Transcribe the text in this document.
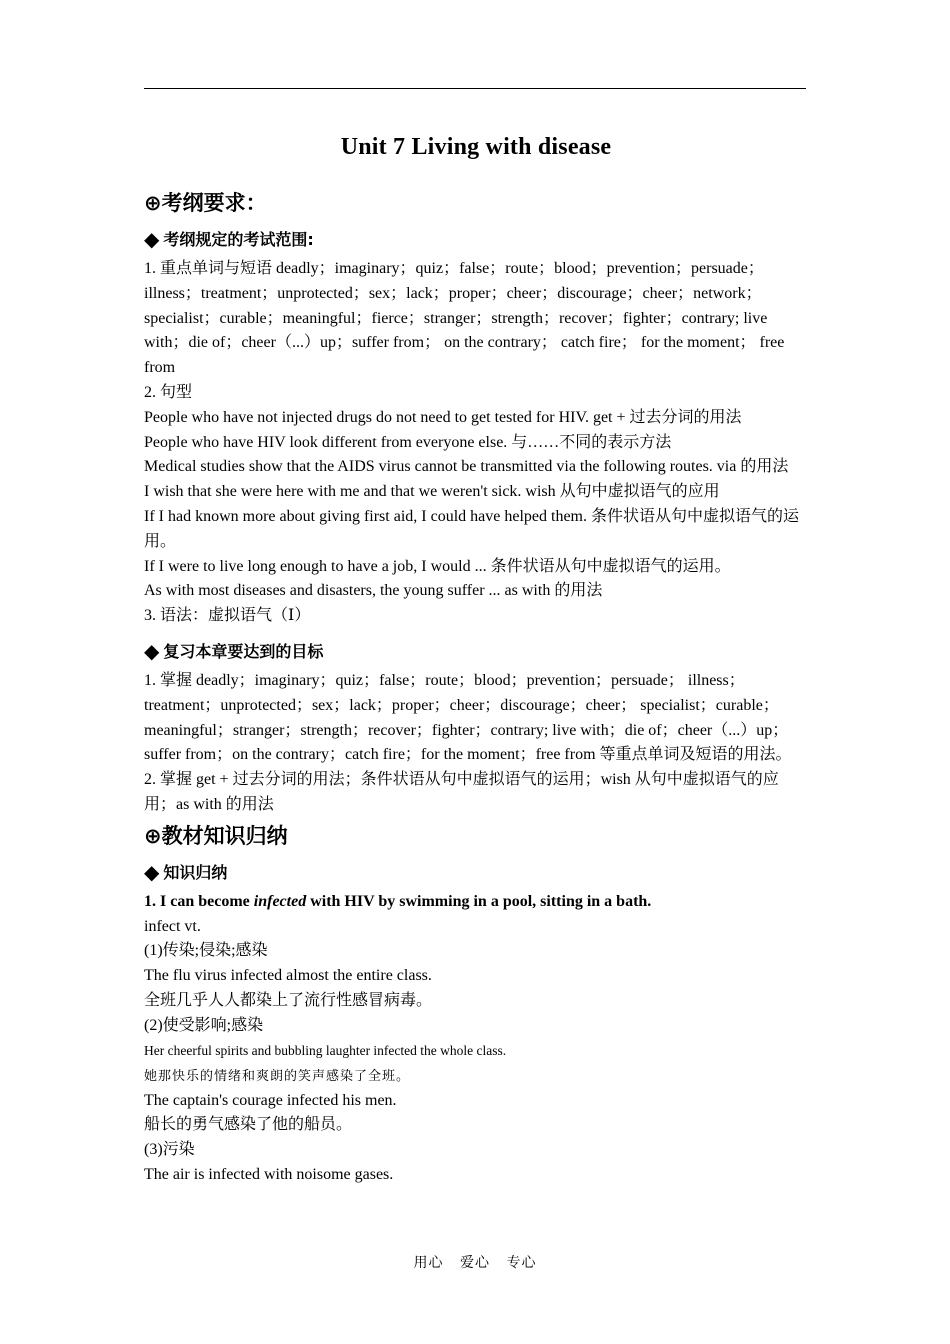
Unit 7 Living with disease
⊕考纲要求：
◆ 考纲规定的考试范围:

1. 重点单词与短语 deadly；imaginary；quiz；false；route；blood；prevention；persuade；illness；treatment；unprotected；sex；lack；proper；cheer；discourage；cheer；network；specialist；curable；meaningful；fierce；stranger；strength；recover；fighter；contrary; live with；die of；cheer（...）up；suffer from； on the contrary； catch fire； for the moment； free from

2. 句型

People who have not injected drugs do not need to get tested for HIV. get + 过去分词的用法

People who have HIV look different from everyone else. 与……不同的表示方法

Medical studies show that the AIDS virus cannot be transmitted via the following routes. via 的用法

I wish that she were here with me and that we weren't sick. wish 从句中虚拟语气的应用

If I had known more about giving first aid, I could have helped them. 条件状语从句中虚拟语气的运用。

If I were to live long enough to have a job, I would ... 条件状语从句中虚拟语气的运用。

As with most diseases and disasters, the young suffer ... as with 的用法

3. 语法：虚拟语气（Ⅰ）

◆ 复习本章要达到的目标

1. 掌握 deadly；imaginary；quiz；false；route；blood；prevention；persuade； illness；treatment；unprotected；sex；lack；proper；cheer；discourage；cheer； specialist；curable；meaningful；stranger；strength；recover；fighter；contrary; live with；die of；cheer（...）up；suffer from；on the contrary；catch fire；for the moment；free from 等重点单词及短语的用法。

2. 掌握 get + 过去分词的用法；条件状语从句中虚拟语气的运用；wish 从句中虚拟语气的应用；as with 的用法

⊕教材知识归纳
◆ 知识归纳

1. I can become infected with HIV by swimming in a pool, sitting in a bath.

infect vt.

(1)传染;侵染;感染

The flu virus infected almost the entire class.

全班几乎人人都染上了流行性感冒病毒。

(2)使受影响;感染

Her cheerful spirits and bubbling laughter infected the whole class.

她那快乐的情绪和爽朗的笑声感染了全班。

The captain's courage infected his men.

船长的勇气感染了他的船员。

(3)污染

The air is infected with noisome gases.

用心 爱心 专心
